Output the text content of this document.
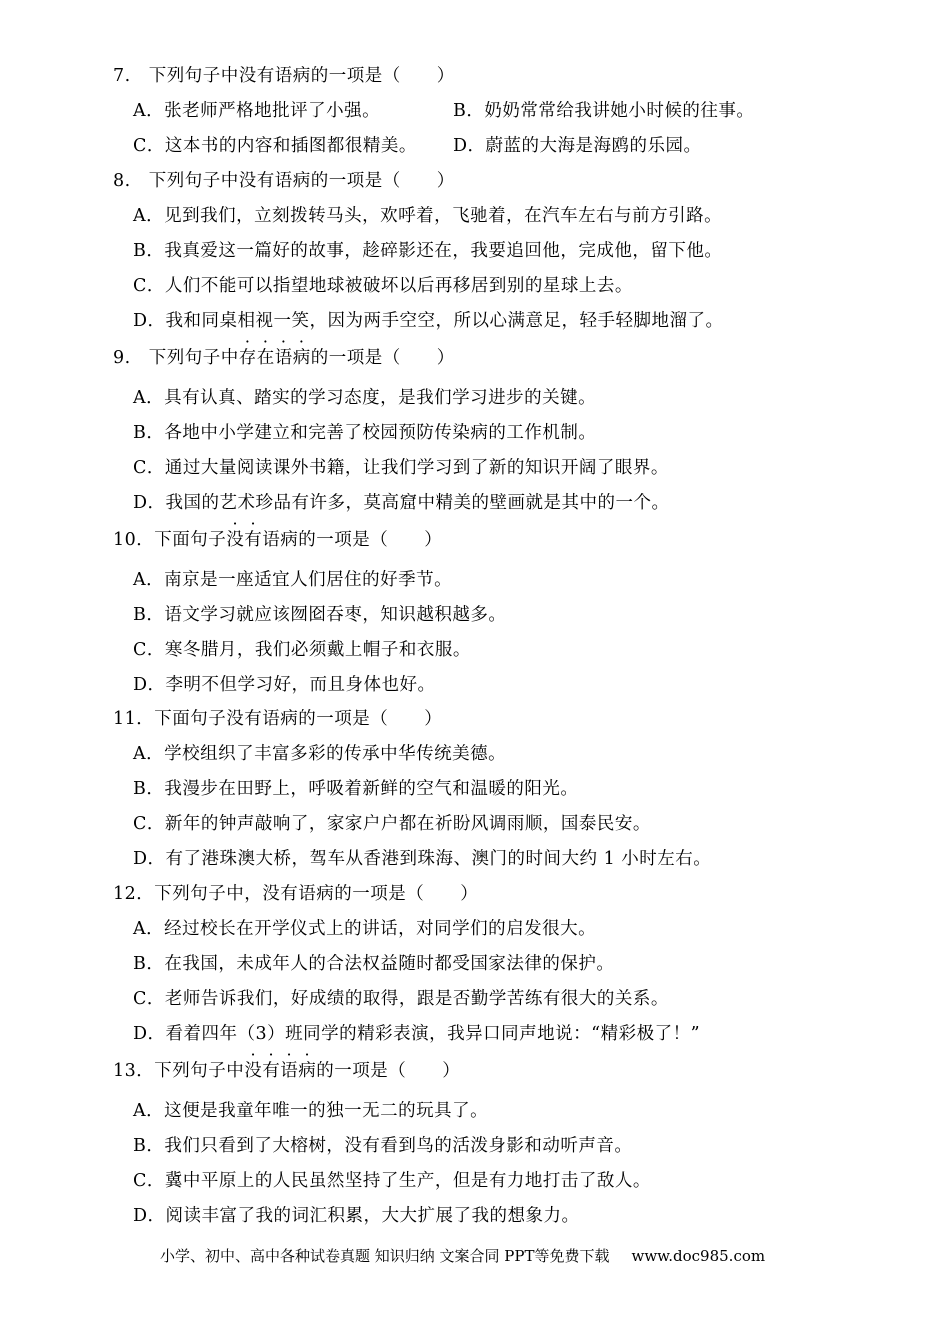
7.　下列句子中没有语病的一项是（　　）
A．张老师严格地批评了小强。	B．奶奶常常给我讲她小时候的往事。
C．这本书的内容和插图都很精美。 D．蔚蓝的大海是海鸥的乐园。
8.　下列句子中没有语病的一项是（　　）
A．见到我们，立刻拨转马头，欢呼着，飞驰着，在汽车左右与前方引路。
B．我真爱这一篇好的故事，趁碎影还在，我要追回他，完成他，留下他。
C．人们不能可以指望地球被破坏以后再移居到别的星球上去。
D．我和同桌相视一笑，因为两手空空，所以心满意足，轻手轻脚地溜了。
9.　下列句子中存在语病的一项是（　　）
A．具有认真、踏实的学习态度，是我们学习进步的关键。
B．各地中小学建立和完善了校园预防传染病的工作机制。
C．通过大量阅读课外书籍，让我们学习到了新的知识开阔了眼界。
D．我国的艺术珍品有许多，莫高窟中精美的壁画就是其中的一个。
10．下面句子没有语病的一项是（　　）
A．南京是一座适宜人们居住的好季节。
B．语文学习就应该囫囵吞枣，知识越积越多。
C．寒冬腊月，我们必须戴上帽子和衣服。
D．李明不但学习好，而且身体也好。
11．下面句子没有语病的一项是（　　）
A．学校组织了丰富多彩的传承中华传统美德。
B．我漫步在田野上，呼吸着新鲜的空气和温暖的阳光。
C．新年的钟声敲响了，家家户户都在祈盼风调雨顺，国泰民安。
D．有了港珠澳大桥，驾车从香港到珠海、澳门的时间大约 1 小时左右。
12．下列句子中，没有语病的一项是（　　）
A．经过校长在开学仪式上的讲话，对同学们的启发很大。
B．在我国，未成年人的合法权益随时都受国家法律的保护。
C．老师告诉我们，好成绩的取得，跟是否勤学苦练有很大的关系。
D．看着四年（3）班同学的精彩表演，我异口同声地说：“精彩极了！”
13．下列句子中没有语病的一项是（　　）
A．这便是我童年唯一的独一无二的玩具了。
B．我们只看到了大榕树，没有看到鸟的活泼身影和动听声音。
C．冀中平原上的人民虽然坚持了生产，但是有力地打击了敌人。
D．阅读丰富了我的词汇积累，大大扩展了我的想象力。
小学、初中、高中各种试卷真题 知识归纳 文案合同 PPT等免费下载 www.doc985.com
